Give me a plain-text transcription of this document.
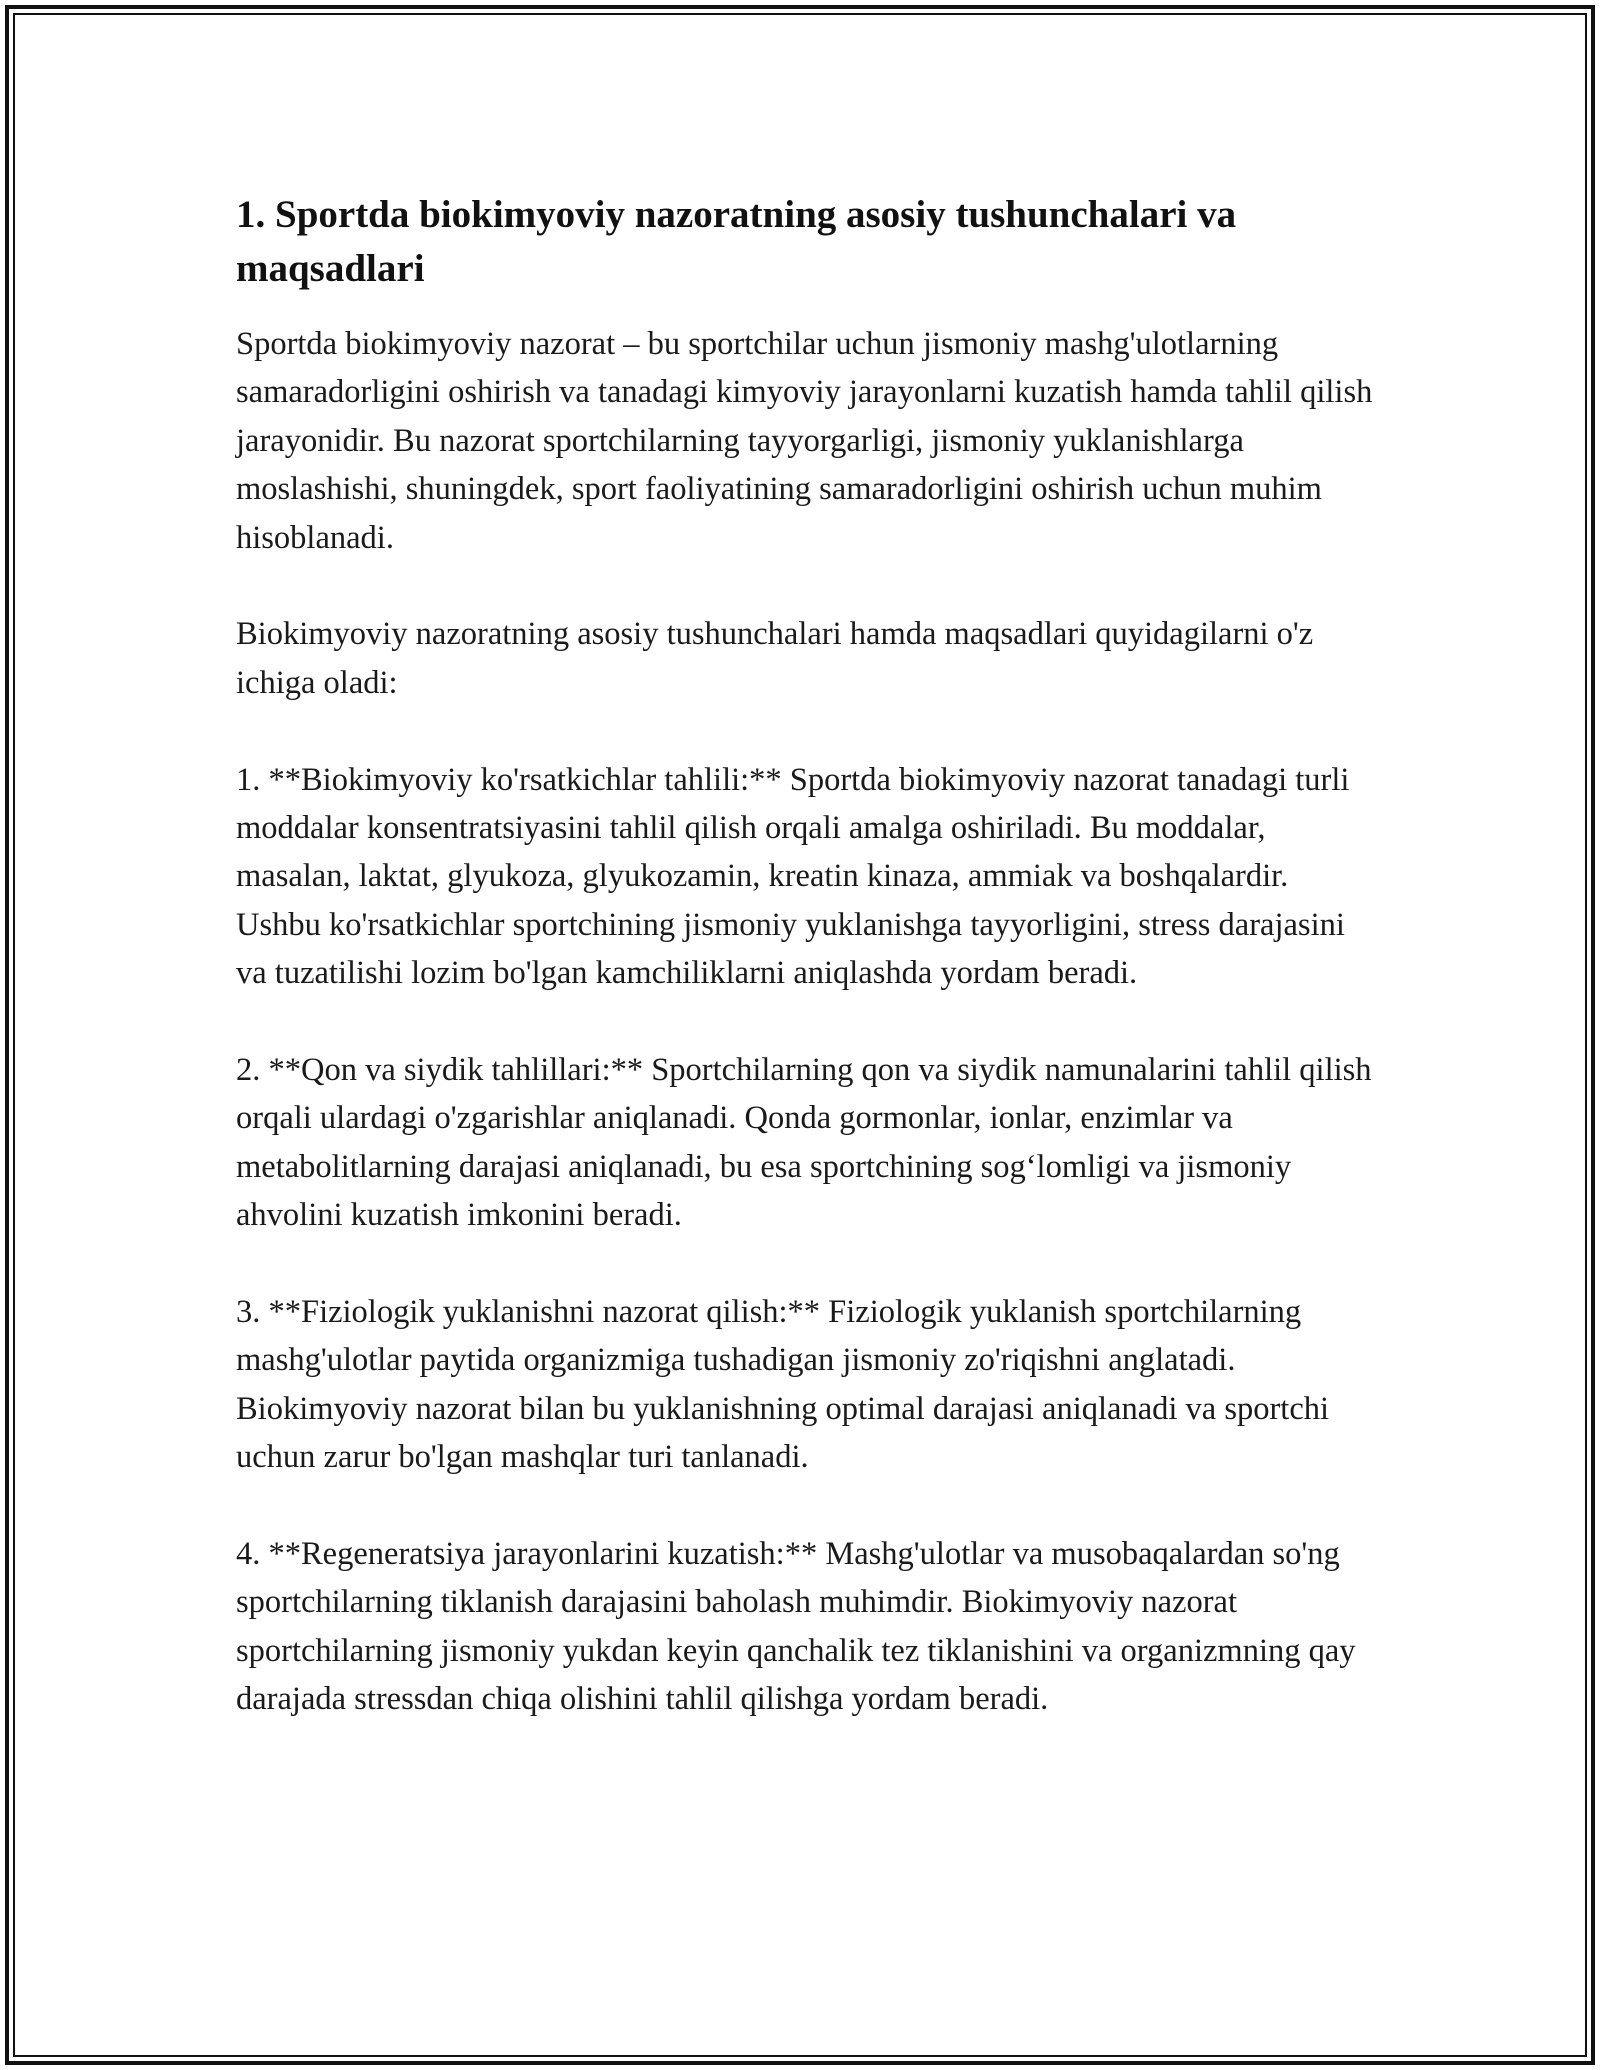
1. Sportda biokimyoviy nazoratning asosiy tushunchalari va maqsadlari

Sportda biokimyoviy nazorat – bu sportchilar uchun jismoniy mashg'ulotlarning samaradorligini oshirish va tanadagi kimyoviy jarayonlarni kuzatish hamda tahlil qilish jarayonidir. Bu nazorat sportchilarning tayyorgarligi, jismoniy yuklanishlarga moslashishi, shuningdek, sport faoliyatining samaradorligini oshirish uchun muhim hisoblanadi.

Biokimyoviy nazoratning asosiy tushunchalari hamda maqsadlari quyidagilarni o'z ichiga oladi:

1. **Biokimyoviy ko'rsatkichlar tahlili:** Sportda biokimyoviy nazorat tanadagi turli moddalar konsentratsiyasini tahlil qilish orqali amalga oshiriladi. Bu moddalar, masalan, laktat, glyukoza, glyukozamin, kreatin kinaza, ammiak va boshqalardir. Ushbu ko'rsatkichlar sportchining jismoniy yuklanishga tayyorligini, stress darajasini va tuzatilishi lozim bo'lgan kamchiliklarni aniqlashda yordam beradi.

2. **Qon va siydik tahlillari:** Sportchilarning qon va siydik namunalarini tahlil qilish orqali ulardagi o'zgarishlar aniqlanadi. Qonda gormonlar, ionlar, enzimlar va metabolitlarning darajasi aniqlanadi, bu esa sportchining sog‘lomligi va jismoniy ahvolini kuzatish imkonini beradi.

3. **Fiziologik yuklanishni nazorat qilish:** Fiziologik yuklanish sportchilarning mashg'ulotlar paytida organizmiga tushadigan jismoniy zo'riqishni anglatadi. Biokimyoviy nazorat bilan bu yuklanishning optimal darajasi aniqlanadi va sportchi uchun zarur bo'lgan mashqlar turi tanlanadi.

4. **Regeneratsiya jarayonlarini kuzatish:** Mashg'ulotlar va musobaqalardan so'ng sportchilarning tiklanish darajasini baholash muhimdir. Biokimyoviy nazorat sportchilarning jismoniy yukdan keyin qanchalik tez tiklanishini va organizmning qay darajada stressdan chiqa olishini tahlil qilishga yordam beradi.
